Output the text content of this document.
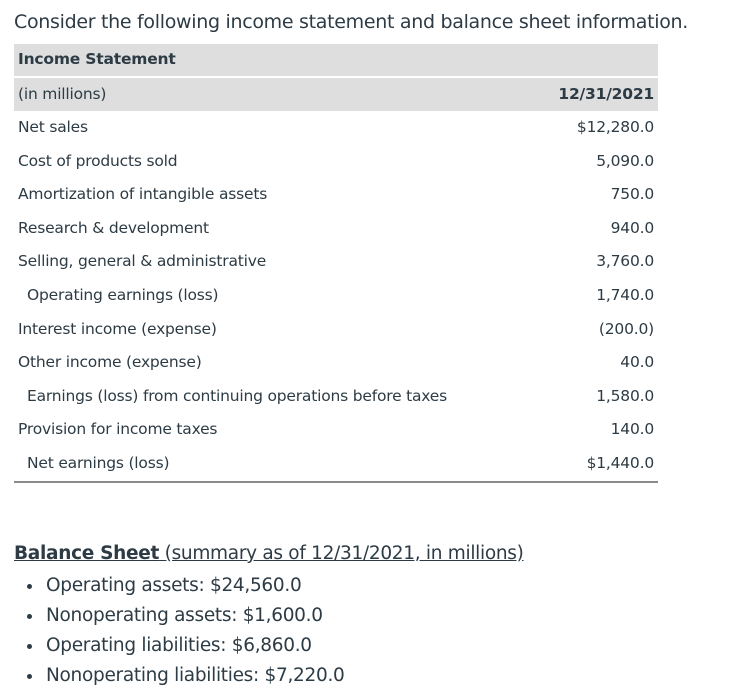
Consider the following income statement and balance sheet information.
Income Statement
(in millions)	12/31/2021
Net sales	$12,280.0
Cost of products sold	5,090.0
Amortization of intangible assets	750.0
Research & development	940.0
Selling, general & administrative	3,760.0
Operating earnings (loss)	1,740.0
Interest income (expense)	(200.0)
Other income (expense)	40.0
Earnings (loss) from continuing operations before taxes	1,580.0
Provision for income taxes	140.0
Net earnings (loss)	$1,440.0
Balance Sheet (summary as of 12/31/2021, in millions)
Operating assets: $24,560.0
Nonoperating assets: $1,600.0
Operating liabilities: $6,860.0
Nonoperating liabilities: $7,220.0
